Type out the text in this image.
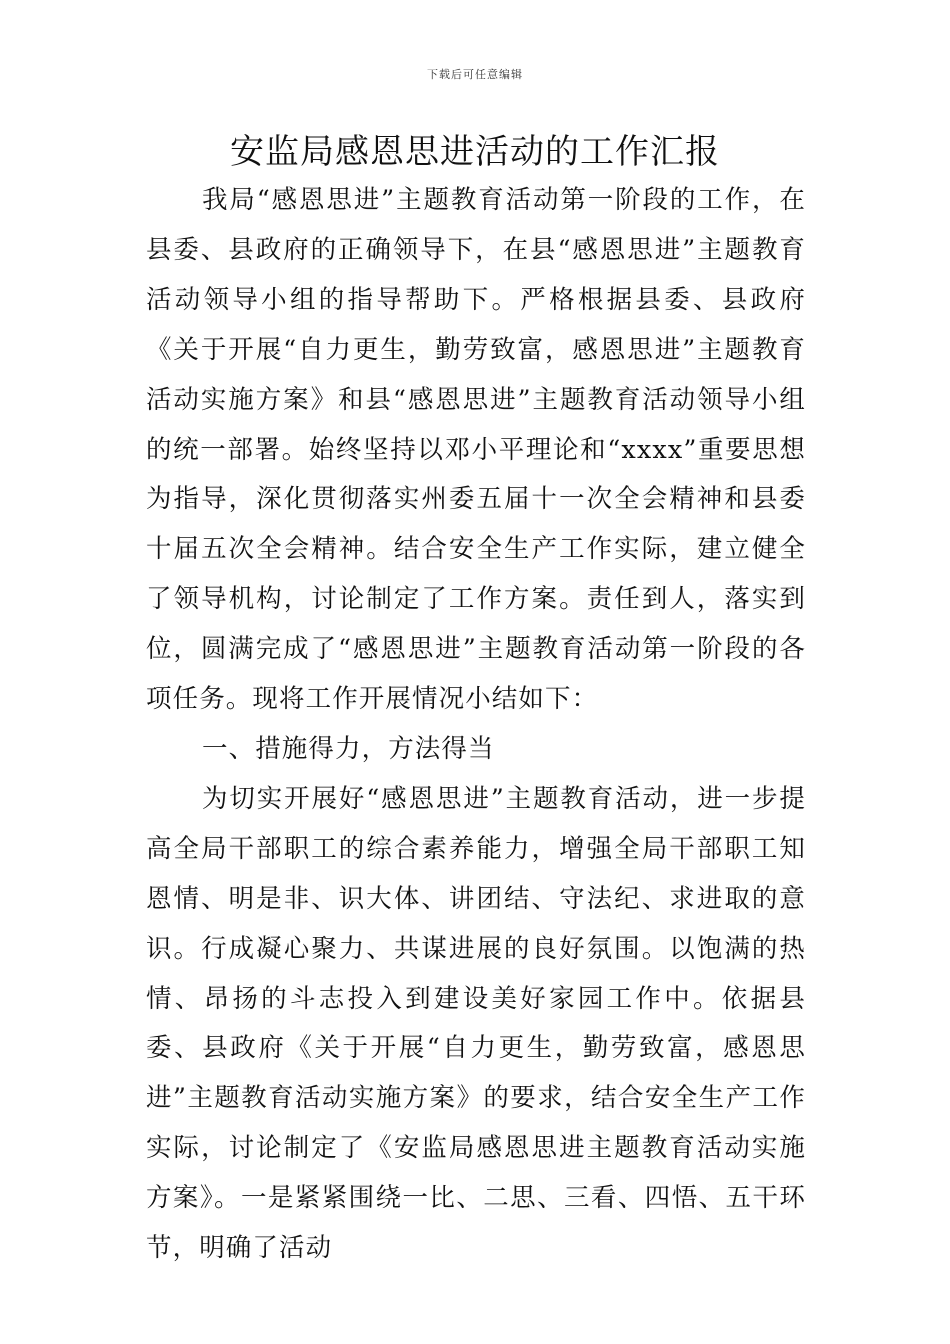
下载后可任意编辑
安监局感恩思进活动的工作汇报

我局“感恩思进”主题教育活动第一阶段的工作，在县委、县政府的正确领导下，在县“感恩思进”主题教育活动领导小组的指导帮助下。严格根据县委、县政府《关于开展“自力更生，勤劳致富，感恩思进”主题教育活动实施方案》和县“感恩思进”主题教育活动领导小组的统一部署。始终坚持以邓小平理论和“xxxx”重要思想为指导，深化贯彻落实州委五届十一次全会精神和县委十届五次全会精神。结合安全生产工作实际，建立健全了领导机构，讨论制定了工作方案。责任到人，落实到位，圆满完成了“感恩思进”主题教育活动第一阶段的各项任务。现将工作开展情况小结如下：

一、措施得力，方法得当

为切实开展好“感恩思进”主题教育活动，进一步提高全局干部职工的综合素养能力，增强全局干部职工知恩情、明是非、识大体、讲团结、守法纪、求进取的意识。行成凝心聚力、共谋进展的良好氛围。以饱满的热情、昂扬的斗志投入到建设美好家园工作中。依据县委、县政府《关于开展“自力更生，勤劳致富，感恩思进”主题教育活动实施方案》的要求，结合安全生产工作实际，讨论制定了《安监局感恩思进主题教育活动实施方案》。一是紧紧围绕一比、二思、三看、四悟、五干环节，明确了活动
